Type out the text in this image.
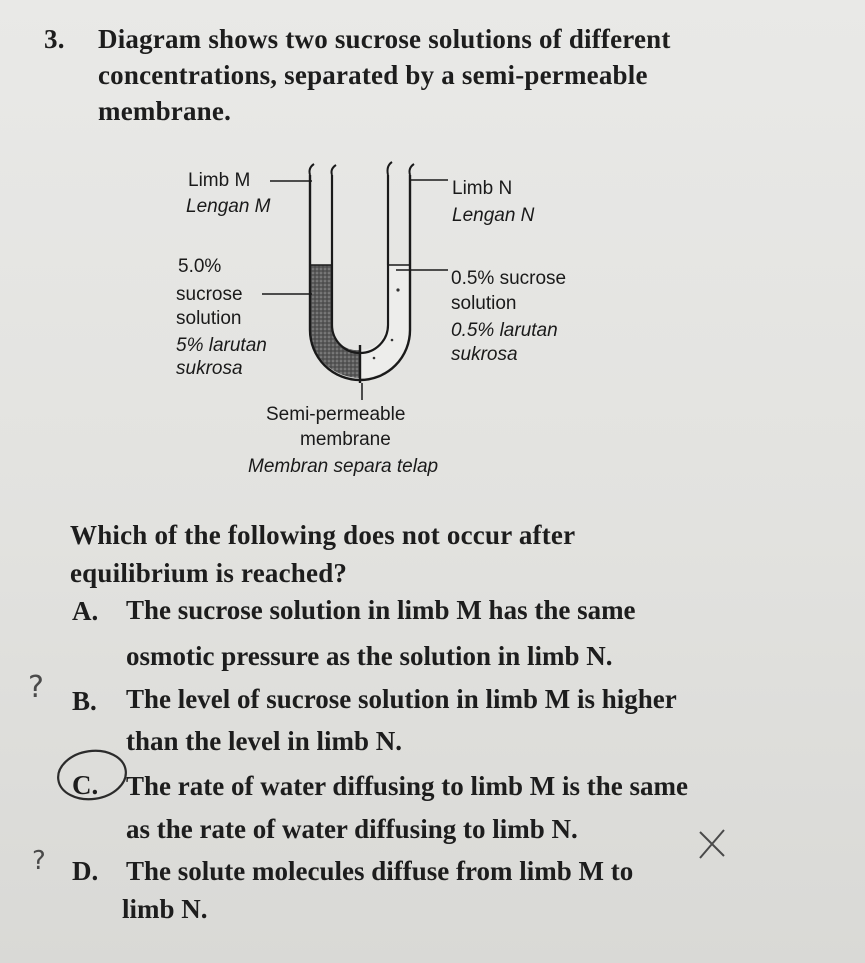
3. Diagram shows two sucrose solutions of different
concentrations, separated by a semi-permeable
membrane.
Limb M
Lengan M
Limb N
Lengan N
5.0%
sucrose
solution
5% larutan
sukrosa
0.5% sucrose
solution
0.5% larutan
sukrosa
Semi-permeable
membrane
Membran separa telap
Which of the following does not occur after
equilibrium is reached?
A. The sucrose solution in limb M has the same
osmotic pressure as the solution in limb N.
B. The level of sucrose solution in limb M is higher
than the level in limb N.
C. The rate of water diffusing to limb M is the same
as the rate of water diffusing to limb N.
D. The solute molecules diffuse from limb M to
limb N.
?
?
